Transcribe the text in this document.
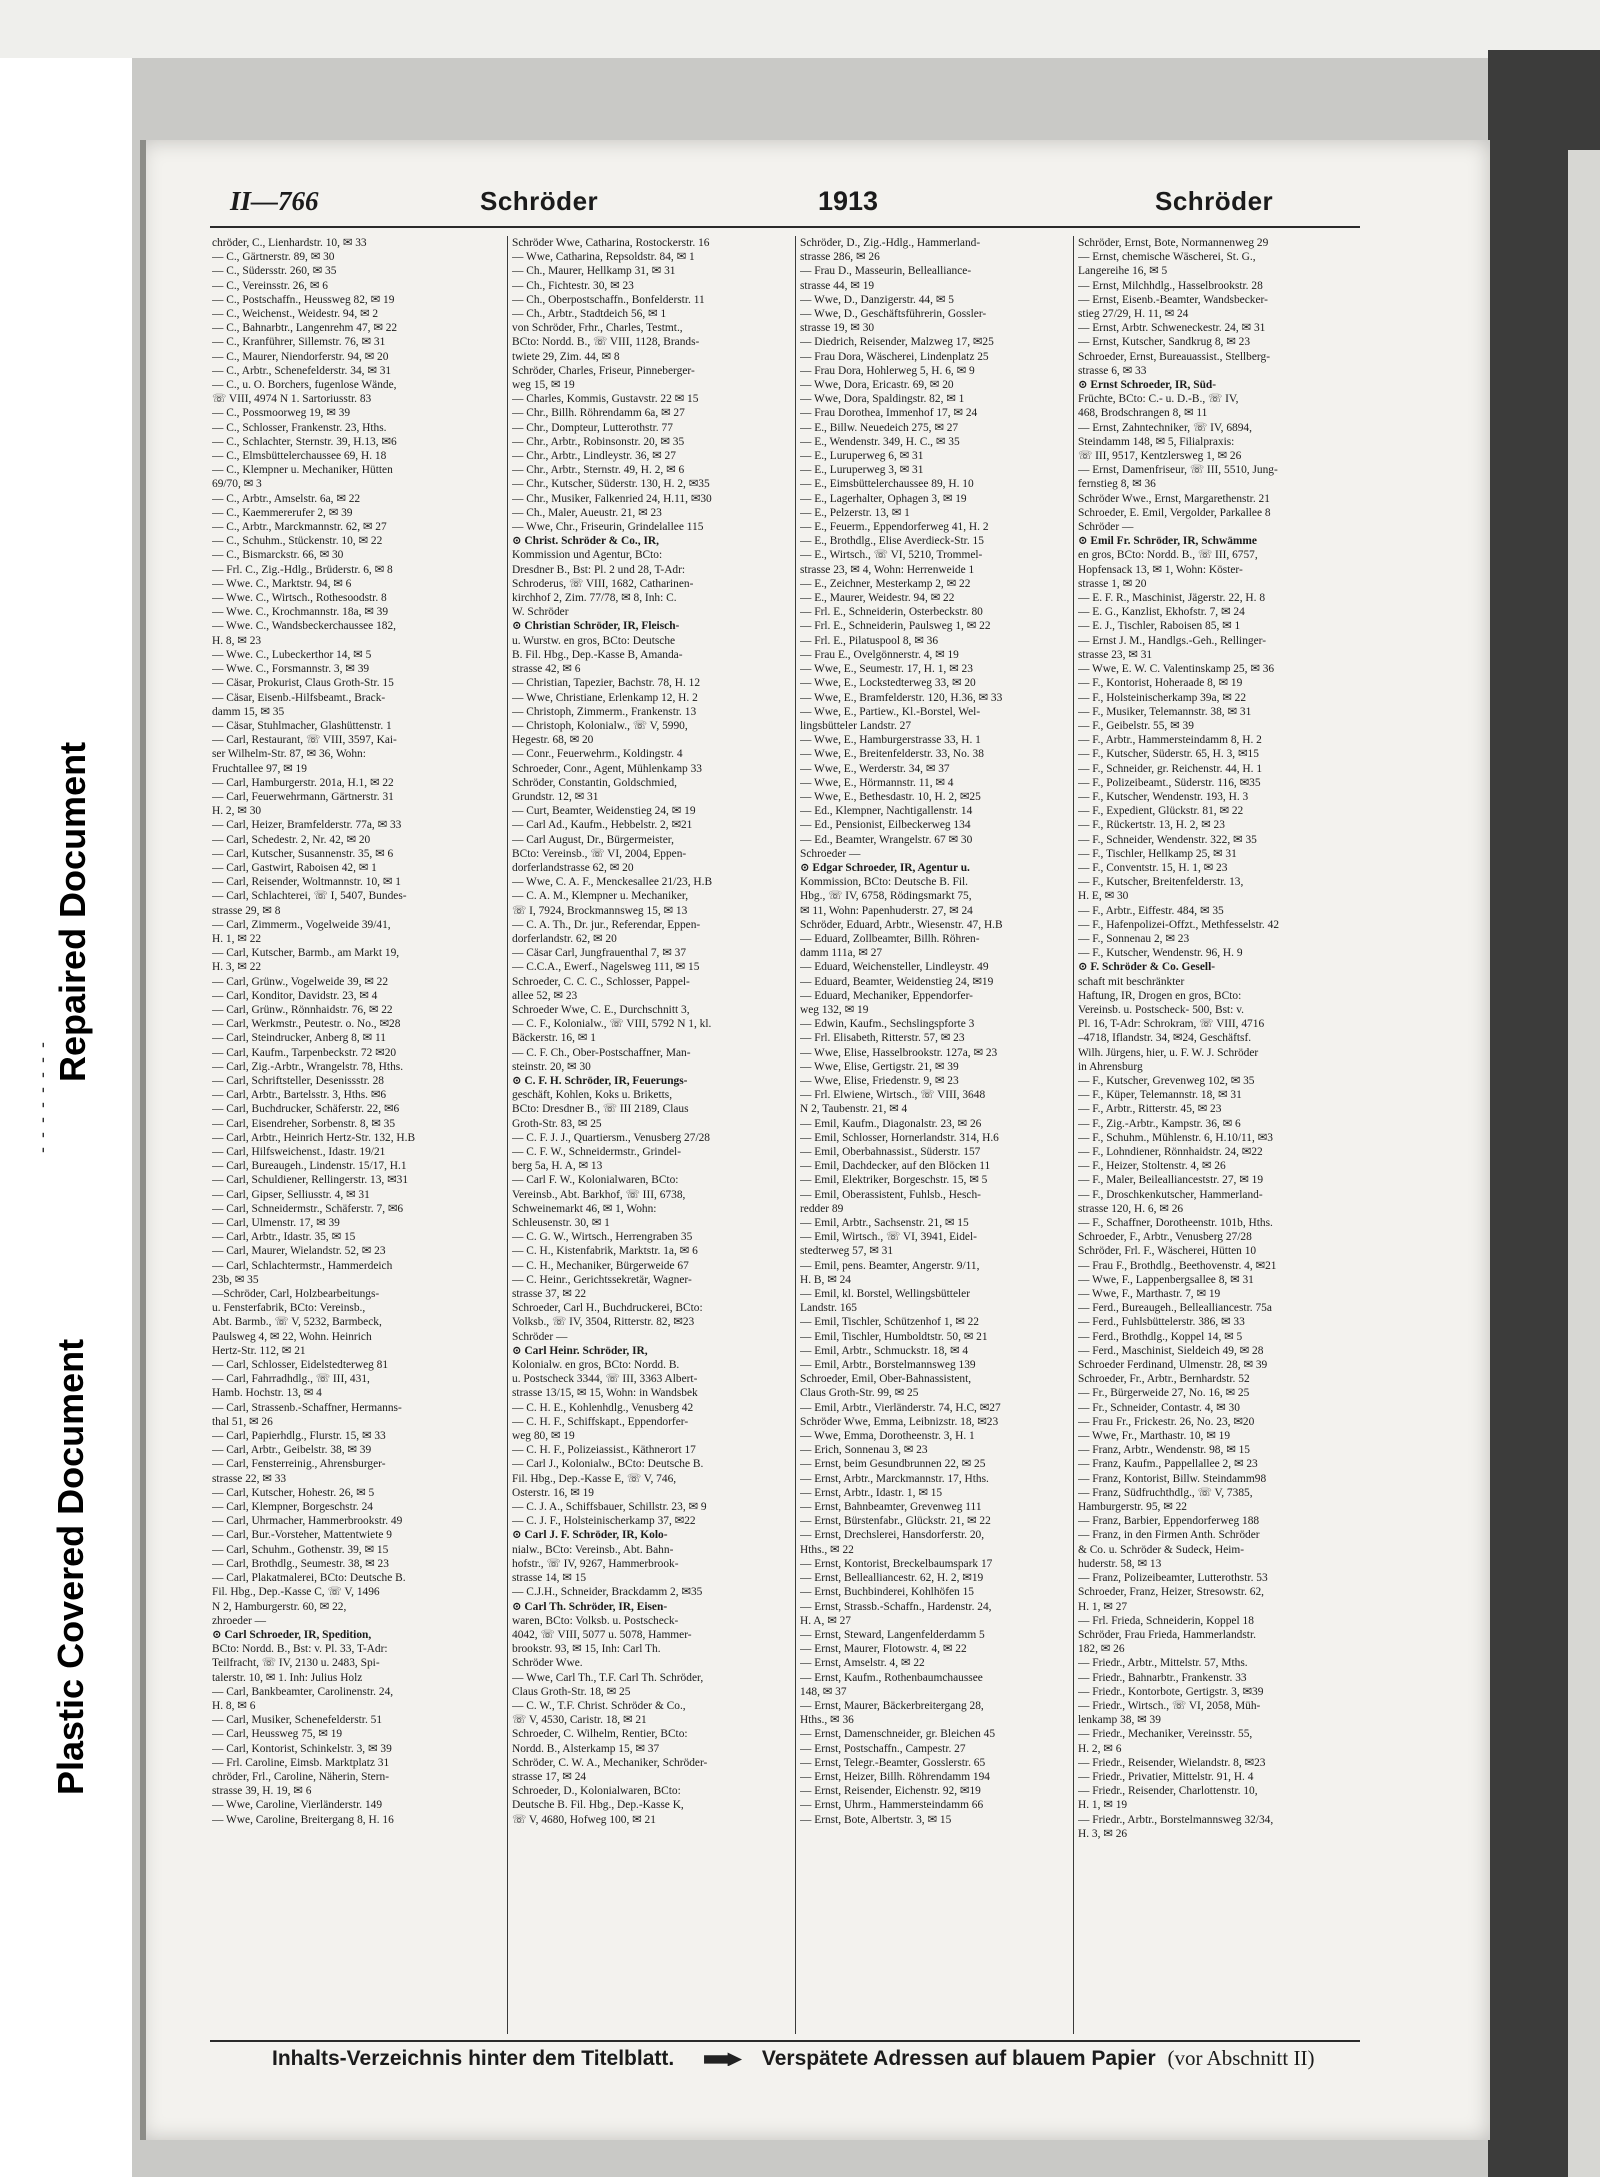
- - - - - - - -
Repaired Document
Plastic Covered Document
II—766	Schröder	1913	Schröder
chröder, C., Lienhardstr. 10, ✉ 33
— C., Gärtnerstr. 89, ✉ 30
— C., Südersstr. 260, ✉ 35
— C., Vereinsstr. 26, ✉ 6
— C., Postschaffn., Heussweg 82, ✉ 19
— C., Weichenst., Weidestr. 94, ✉ 2
— C., Bahnarbtr., Langenrehm 47, ✉ 22
— C., Kranführer, Sillemstr. 76, ✉ 31
— C., Maurer, Niendorferstr. 94, ✉ 20
— C., Arbtr., Schenefelderstr. 34, ✉ 31
— C., u. O. Borchers, fugenlose Wände,
☏ VIII, 4974 N 1. Sartoriusstr. 83
— C., Possmoorweg 19, ✉ 39
— C., Schlosser, Frankenstr. 23, Hths.
— C., Schlachter, Sternstr. 39, H.13, ✉6
— C., Elmsbüttelerchaussee 69, H. 18
— C., Klempner u. Mechaniker, Hütten
69/70, ✉ 3
— C., Arbtr., Amselstr. 6a, ✉ 22
— C., Kaemmererufer 2, ✉ 39
— C., Arbtr., Marckmannstr. 62, ✉ 27
— C., Schuhm., Stückenstr. 10, ✉ 22
— C., Bismarckstr. 66, ✉ 30
— Frl. C., Zig.-Hdlg., Brüderstr. 6, ✉ 8
— Wwe. C., Marktstr. 94, ✉ 6
— Wwe. C., Wirtsch., Rothesoodstr. 8
— Wwe. C., Krochmannstr. 18a, ✉ 39
— Wwe. C., Wandsbeckerchaussee 182,
H. 8, ✉ 23
— Wwe. C., Lubeckerthor 14, ✉ 5
— Wwe. C., Forsmannstr. 3, ✉ 39
— Cäsar, Prokurist, Claus Groth-Str. 15
— Cäsar, Eisenb.-Hilfsbeamt., Brack-
damm 15, ✉ 35
— Cäsar, Stuhlmacher, Glashüttenstr. 1
— Carl, Restaurant, ☏ VIII, 3597, Kai-
ser Wilhelm-Str. 87, ✉ 36, Wohn:
Fruchtallee 97, ✉ 19
— Carl, Hamburgerstr. 201a, H.1, ✉ 22
— Carl, Feuerwehrmann, Gärtnerstr. 31
H. 2, ✉ 30
— Carl, Heizer, Bramfelderstr. 77a, ✉ 33
— Carl, Schedestr. 2, Nr. 42, ✉ 20
— Carl, Kutscher, Susannenstr. 35, ✉ 6
— Carl, Gastwirt, Raboisen 42, ✉ 1
— Carl, Reisender, Woltmannstr. 10, ✉ 1
— Carl, Schlachterei, ☏ I, 5407, Bundes-
strasse 29, ✉ 8
— Carl, Zimmerm., Vogelweide 39/41,
H. 1, ✉ 22
— Carl, Kutscher, Barmb., am Markt 19,
H. 3, ✉ 22
— Carl, Grünw., Vogelweide 39, ✉ 22
— Carl, Konditor, Davidstr. 23, ✉ 4
— Carl, Grünw., Rönnhaidstr. 76, ✉ 22
— Carl, Werkmstr., Peutestr. o. No., ✉28
— Carl, Steindrucker, Anberg 8, ✉ 11
— Carl, Kaufm., Tarpenbeckstr. 72 ✉20
— Carl, Zig.-Arbtr., Wrangelstr. 78, Hths.
— Carl, Schriftsteller, Desenissstr. 28
— Carl, Arbtr., Bartelsstr. 3, Hths. ✉6
— Carl, Buchdrucker, Schäferstr. 22, ✉6
— Carl, Eisendreher, Sorbenstr. 8, ✉ 35
— Carl, Arbtr., Heinrich Hertz-Str. 132, H.B
— Carl, Hilfsweichenst., Idastr. 19/21
— Carl, Bureaugeh., Lindenstr. 15/17, H.1
— Carl, Schuldiener, Rellingerstr. 13, ✉31
— Carl, Gipser, Selliusstr. 4, ✉ 31
— Carl, Schneidermstr., Schäferstr. 7, ✉6
— Carl, Ulmenstr. 17, ✉ 39
— Carl, Arbtr., Idastr. 35, ✉ 15
— Carl, Maurer, Wielandstr. 52, ✉ 23
— Carl, Schlachtermstr., Hammerdeich
23b, ✉ 35
—Schröder, Carl, Holzbearbeitungs-
u. Fensterfabrik, BCto: Vereinsb.,
Abt. Barmb., ☏ V, 5232, Barmbeck,
Paulsweg 4, ✉ 22, Wohn. Heinrich
Hertz-Str. 112, ✉ 21
— Carl, Schlosser, Eidelstedterweg 81
— Carl, Fahrradhdlg., ☏ III, 431,
Hamb. Hochstr. 13, ✉ 4
— Carl, Strassenb.-Schaffner, Hermanns-
thal 51, ✉ 26
— Carl, Papierhdlg., Flurstr. 15, ✉ 33
— Carl, Arbtr., Geibelstr. 38, ✉ 39
— Carl, Fensterreinig., Ahrensburger-
strasse 22, ✉ 33
— Carl, Kutscher, Hohestr. 26, ✉ 5
— Carl, Klempner, Borgeschstr. 24
— Carl, Uhrmacher, Hammerbrookstr. 49
— Carl, Bur.-Vorsteher, Mattentwiete 9
— Carl, Schuhm., Gothenstr. 39, ✉ 15
— Carl, Brothdlg., Seumestr. 38, ✉ 23
— Carl, Plakatmalerei, BCto: Deutsche B.
Fil. Hbg., Dep.-Kasse C, ☏ V, 1496
N 2, Hamburgerstr. 60, ✉ 22,
zhroeder —
⊙ Carl Schroeder, IR, Spedition,
BCto: Nordd. B., Bst: v. Pl. 33, T-Adr:
Teilfracht, ☏ IV, 2130 u. 2483, Spi-
talerstr. 10, ✉ 1. Inh: Julius Holz
— Carl, Bankbeamter, Carolinenstr. 24,
H. 8, ✉ 6
— Carl, Musiker, Schenefelderstr. 51
— Carl, Heussweg 75, ✉ 19
— Carl, Kontorist, Schinkelstr. 3, ✉ 39
— Frl. Caroline, Eimsb. Marktplatz 31
chröder, Frl., Caroline, Näherin, Stern-
strasse 39, H. 19, ✉ 6
— Wwe, Caroline, Vierländerstr. 149
— Wwe, Caroline, Breitergang 8, H. 16
Schröder Wwe, Catharina, Rostockerstr. 16
— Wwe, Catharina, Repsoldstr. 84, ✉ 1
— Ch., Maurer, Hellkamp 31, ✉ 31
— Ch., Fichtestr. 30, ✉ 23
— Ch., Oberpostschaffn., Bonfelderstr. 11
— Ch., Arbtr., Stadtdeich 56, ✉ 1
von Schröder, Frhr., Charles, Testmt.,
BCto: Nordd. B., ☏ VIII, 1128, Brands-
twiete 29, Zim. 44, ✉ 8
Schröder, Charles, Friseur, Pinneberger-
weg 15, ✉ 19
— Charles, Kommis, Gustavstr. 22 ✉ 15
— Chr., Billh. Röhrendamm 6a, ✉ 27
— Chr., Dompteur, Lutterothstr. 77
— Chr., Arbtr., Robinsonstr. 20, ✉ 35
— Chr., Arbtr., Lindleystr. 36, ✉ 27
— Chr., Arbtr., Sternstr. 49, H. 2, ✉ 6
— Chr., Kutscher, Süderstr. 130, H. 2, ✉35
— Chr., Musiker, Falkenried 24, H.11, ✉30
— Ch., Maler, Aueustr. 21, ✉ 23
— Wwe, Chr., Friseurin, Grindelallee 115
⊙ Christ. Schröder & Co., IR,
Kommission und Agentur, BCto:
Dresdner B., Bst: Pl. 2 und 28, T-Adr:
Schroderus, ☏ VIII, 1682, Catharinen-
kirchhof 2, Zim. 77/78, ✉ 8, Inh: C.
W. Schröder
⊙ Christian Schröder, IR, Fleisch-
u. Wurstw. en gros, BCto: Deutsche
B. Fil. Hbg., Dep.-Kasse B, Amanda-
strasse 42, ✉ 6
— Christian, Tapezier, Bachstr. 78, H. 12
— Wwe, Christiane, Erlenkamp 12, H. 2
— Christoph, Zimmerm., Frankenstr. 13
— Christoph, Kolonialw., ☏ V, 5990,
Hegestr. 68, ✉ 20
— Conr., Feuerwehrm., Koldingstr. 4
Schroeder, Conr., Agent, Mühlenkamp 33
Schröder, Constantin, Goldschmied,
Grundstr. 12, ✉ 31
— Curt, Beamter, Weidenstieg 24, ✉ 19
— Carl Ad., Kaufm., Hebbelstr. 2, ✉21
— Carl August, Dr., Bürgermeister,
BCto: Vereinsb., ☏ VI, 2004, Eppen-
dorferlandstrasse 62, ✉ 20
— Wwe, C. A. F., Menckesallee 21/23, H.B
— C. A. M., Klempner u. Mechaniker,
☏ I, 7924, Brockmannsweg 15, ✉ 13
— C. A. Th., Dr. jur., Referendar, Eppen-
dorferlandstr. 62, ✉ 20
— Cäsar Carl, Jungfrauenthal 7, ✉ 37
— C.C.A., Ewerf., Nagelsweg 111, ✉ 15
Schroeder, C. C. C., Schlosser, Pappel-
allee 52, ✉ 23
Schroeder Wwe, C. E., Durchschnitt 3,
— C. F., Kolonialw., ☏ VIII, 5792 N 1, kl.
Bäckerstr. 16, ✉ 1
— C. F. Ch., Ober-Postschaffner, Man-
steinstr. 20, ✉ 30
⊙ C. F. H. Schröder, IR, Feuerungs-
geschäft, Kohlen, Koks u. Briketts,
BCto: Dresdner B., ☏ III 2189, Claus
Groth-Str. 83, ✉ 25
— C. F. J. J., Quartiersm., Venusberg 27/28
— C. F. W., Schneidermstr., Grindel-
berg 5a, H. A, ✉ 13
— Carl F. W., Kolonialwaren, BCto:
Vereinsb., Abt. Barkhof, ☏ III, 6738,
Schweinemarkt 46, ✉ 1, Wohn:
Schleusenstr. 30, ✉ 1
— C. G. W., Wirtsch., Herrengraben 35
— C. H., Kistenfabrik, Marktstr. 1a, ✉ 6
— C. H., Mechaniker, Bürgerweide 67
— C. Heinr., Gerichtssekretär, Wagner-
strasse 37, ✉ 22
Schroeder, Carl H., Buchdruckerei, BCto:
Volksb., ☏ IV, 3504, Ritterstr. 82, ✉23
Schröder —
⊙ Carl Heinr. Schröder, IR,
Kolonialw. en gros, BCto: Nordd. B.
u. Postscheck 3344, ☏ III, 3363 Albert-
strasse 13/15, ✉ 15, Wohn: in Wandsbek
— C. H. E., Kohlenhdlg., Venusberg 42
— C. H. F., Schiffskapt., Eppendorfer-
weg 80, ✉ 19
— C. H. F., Polizeiassist., Käthnerort 17
— Carl J., Kolonialw., BCto: Deutsche B.
Fil. Hbg., Dep.-Kasse E, ☏ V, 746,
Osterstr. 16, ✉ 19
— C. J. A., Schiffsbauer, Schillstr. 23, ✉ 9
— C. J. F., Holsteinischerkamp 37, ✉22
⊙ Carl J. F. Schröder, IR, Kolo-
nialw., BCto: Vereinsb., Abt. Bahn-
hofstr., ☏ IV, 9267, Hammerbrook-
strasse 14, ✉ 15
— C.J.H., Schneider, Brackdamm 2, ✉35
⊙ Carl Th. Schröder, IR, Eisen-
waren, BCto: Volksb. u. Postscheck-
4042, ☏ VIII, 5077 u. 5078, Hammer-
brookstr. 93, ✉ 15, Inh: Carl Th.
Schröder Wwe.
— Wwe, Carl Th., T.F. Carl Th. Schröder,
Claus Groth-Str. 18, ✉ 25
— C. W., T.F. Christ. Schröder & Co.,
☏ V, 4530, Caristr. 18, ✉ 21
Schroeder, C. Wilhelm, Rentier, BCto:
Nordd. B., Alsterkamp 15, ✉ 37
Schröder, C. W. A., Mechaniker, Schröder-
strasse 17, ✉ 24
Schroeder, D., Kolonialwaren, BCto:
Deutsche B. Fil. Hbg., Dep.-Kasse K,
☏ V, 4680, Hofweg 100, ✉ 21
Schröder, D., Zig.-Hdlg., Hammerland-
strasse 286, ✉ 26
— Frau D., Masseurin, Bellealliance-
strasse 44, ✉ 19
— Wwe, D., Danzigerstr. 44, ✉ 5
— Wwe, D., Geschäftsführerin, Gossler-
strasse 19, ✉ 30
— Diedrich, Reisender, Malzweg 17, ✉25
— Frau Dora, Wäscherei, Lindenplatz 25
— Frau Dora, Hohlerweg 5, H. 6, ✉ 9
— Wwe, Dora, Ericastr. 69, ✉ 20
— Wwe, Dora, Spaldingstr. 82, ✉ 1
— Frau Dorothea, Immenhof 17, ✉ 24
— E., Billw. Neuedeich 275, ✉ 27
— E., Wendenstr. 349, H. C., ✉ 35
— E., Luruperweg 6, ✉ 31
— E., Luruperweg 3, ✉ 31
— E., Eimsbüttelerchaussee 89, H. 10
— E., Lagerhalter, Ophagen 3, ✉ 19
— E., Pelzerstr. 13, ✉ 1
— E., Feuerm., Eppendorferweg 41, H. 2
— E., Brothdlg., Elise Averdieck-Str. 15
— E., Wirtsch., ☏ VI, 5210, Trommel-
strasse 23, ✉ 4, Wohn: Herrenweide 1
— E., Zeichner, Mesterkamp 2, ✉ 22
— E., Maurer, Weidestr. 94, ✉ 22
— Frl. E., Schneiderin, Osterbeckstr. 80
— Frl. E., Schneiderin, Paulsweg 1, ✉ 22
— Frl. E., Pilatuspool 8, ✉ 36
— Frau E., Ovelgönnerstr. 4, ✉ 19
— Wwe, E., Seumestr. 17, H. 1, ✉ 23
— Wwe, E., Lockstedterweg 33, ✉ 20
— Wwe, E., Bramfelderstr. 120, H.36, ✉ 33
— Wwe, E., Partiew., Kl.-Borstel, Wel-
lingsbütteler Landstr. 27
— Wwe, E., Hamburgerstrasse 33, H. 1
— Wwe, E., Breitenfelderstr. 33, No. 38
— Wwe, E., Werderstr. 34, ✉ 37
— Wwe, E., Hörmannstr. 11, ✉ 4
— Wwe, E., Bethesdastr. 10, H. 2, ✉25
— Ed., Klempner, Nachtigallenstr. 14
— Ed., Pensionist, Eilbeckerweg 134
— Ed., Beamter, Wrangelstr. 67 ✉ 30
Schroeder —
⊙ Edgar Schroeder, IR, Agentur u.
Kommission, BCto: Deutsche B. Fil.
Hbg., ☏ IV, 6758, Rödingsmarkt 75,
✉ 11, Wohn: Papenhuderstr. 27, ✉ 24
Schröder, Eduard, Arbtr., Wiesenstr. 47, H.B
— Eduard, Zollbeamter, Billh. Röhren-
damm 111a, ✉ 27
— Eduard, Weichensteller, Lindleystr. 49
— Eduard, Beamter, Weidenstieg 24, ✉19
— Eduard, Mechaniker, Eppendorfer-
weg 132, ✉ 19
— Edwin, Kaufm., Sechslingspforte 3
— Frl. Elisabeth, Ritterstr. 57, ✉ 23
— Wwe, Elise, Hasselbrookstr. 127a, ✉ 23
— Wwe, Elise, Gertigstr. 21, ✉ 39
— Wwe, Elise, Friedenstr. 9, ✉ 23
— Frl. Elwiene, Wirtsch., ☏ VIII, 3648
N 2, Taubenstr. 21, ✉ 4
— Emil, Kaufm., Diagonalstr. 23, ✉ 26
— Emil, Schlosser, Hornerlandstr. 314, H.6
— Emil, Oberbahnassist., Süderstr. 157
— Emil, Dachdecker, auf den Blöcken 11
— Emil, Elektriker, Borgeschstr. 15, ✉ 5
— Emil, Oberassistent, Fuhlsb., Hesch-
redder 89
— Emil, Arbtr., Sachsenstr. 21, ✉ 15
— Emil, Wirtsch., ☏ VI, 3941, Eidel-
stedterweg 57, ✉ 31
— Emil, pens. Beamter, Angerstr. 9/11,
H. B, ✉ 24
— Emil, kl. Borstel, Wellingsbütteler
Landstr. 165
— Emil, Tischler, Schützenhof 1, ✉ 22
— Emil, Tischler, Humboldtstr. 50, ✉ 21
— Emil, Arbtr., Schmuckstr. 18, ✉ 4
— Emil, Arbtr., Borstelmannsweg 139
Schroeder, Emil, Ober-Bahnassistent,
Claus Groth-Str. 99, ✉ 25
— Emil, Arbtr., Vierländerstr. 74, H.C, ✉27
Schröder Wwe, Emma, Leibnizstr. 18, ✉23
— Wwe, Emma, Dorotheenstr. 3, H. 1
— Erich, Sonnenau 3, ✉ 23
— Ernst, beim Gesundbrunnen 22, ✉ 25
— Ernst, Arbtr., Marckmannstr. 17, Hths.
— Ernst, Arbtr., Idastr. 1, ✉ 15
— Ernst, Bahnbeamter, Grevenweg 111
— Ernst, Bürstenfabr., Glückstr. 21, ✉ 22
— Ernst, Drechslerei, Hansdorferstr. 20,
Hths., ✉ 22
— Ernst, Kontorist, Breckelbaumspark 17
— Ernst, Bellealliancestr. 62, H. 2, ✉19
— Ernst, Buchbinderei, Kohlhöfen 15
— Ernst, Strassb.-Schaffn., Hardenstr. 24,
H. A, ✉ 27
— Ernst, Steward, Langenfelderdamm 5
— Ernst, Maurer, Flotowstr. 4, ✉ 22
— Ernst, Amselstr. 4, ✉ 22
— Ernst, Kaufm., Rothenbaumchaussee
148, ✉ 37
— Ernst, Maurer, Bäckerbreitergang 28,
Hths., ✉ 36
— Ernst, Damenschneider, gr. Bleichen 45
— Ernst, Postschaffn., Campestr. 27
— Ernst, Telegr.-Beamter, Gosslerstr. 65
— Ernst, Heizer, Billh. Röhrendamm 194
— Ernst, Reisender, Eichenstr. 92, ✉19
— Ernst, Uhrm., Hammersteindamm 66
— Ernst, Bote, Albertstr. 3, ✉ 15
Schröder, Ernst, Bote, Normannenweg 29
— Ernst, chemische Wäscherei, St. G.,
Langereihe 16, ✉ 5
— Ernst, Milchhdlg., Hasselbrookstr. 28
— Ernst, Eisenb.-Beamter, Wandsbecker-
stieg 27/29, H. 11, ✉ 24
— Ernst, Arbtr. Schweneckestr. 24, ✉ 31
— Ernst, Kutscher, Sandkrug 8, ✉ 23
Schroeder, Ernst, Bureauassist., Stellberg-
strasse 6, ✉ 33
⊙ Ernst Schroeder, IR, Süd-
Früchte, BCto: C.- u. D.-B., ☏ IV,
468, Brodschrangen 8, ✉ 11
— Ernst, Zahntechniker, ☏ IV, 6894,
Steindamm 148, ✉ 5, Filialpraxis:
☏ III, 9517, Kentzlersweg 1, ✉ 26
— Ernst, Damenfriseur, ☏ III, 5510, Jung-
fernstieg 8, ✉ 36
Schröder Wwe., Ernst, Margarethenstr. 21
Schroeder, E. Emil, Vergolder, Parkallee 8
Schröder —
⊙ Emil Fr. Schröder, IR, Schwämme
en gros, BCto: Nordd. B., ☏ III, 6757,
Hopfensack 13, ✉ 1, Wohn: Köster-
strasse 1, ✉ 20
— E. F. R., Maschinist, Jägerstr. 22, H. 8
— E. G., Kanzlist, Ekhofstr. 7, ✉ 24
— E. J., Tischler, Raboisen 85, ✉ 1
— Ernst J. M., Handlgs.-Geh., Rellinger-
strasse 23, ✉ 31
— Wwe, E. W. C. Valentinskamp 25, ✉ 36
— F., Kontorist, Hoheraade 8, ✉ 19
— F., Holsteinischerkamp 39a, ✉ 22
— F., Musiker, Telemannstr. 38, ✉ 31
— F., Geibelstr. 55, ✉ 39
— F., Arbtr., Hammersteindamm 8, H. 2
— F., Kutscher, Süderstr. 65, H. 3, ✉15
— F., Schneider, gr. Reichenstr. 44, H. 1
— F., Polizeibeamt., Süderstr. 116, ✉35
— F., Kutscher, Wendenstr. 193, H. 3
— F., Expedient, Glückstr. 81, ✉ 22
— F., Rückertstr. 13, H. 2, ✉ 23
— F., Schneider, Wendenstr. 322, ✉ 35
— F., Tischler, Hellkamp 25, ✉ 31
— F., Conventstr. 15, H. 1, ✉ 23
— F., Kutscher, Breitenfelderstr. 13,
H. E, ✉ 30
— F., Arbtr., Eiffestr. 484, ✉ 35
— F., Hafenpolizei-Offzt., Methfesselstr. 42
— F., Sonnenau 2, ✉ 23
— F., Kutscher, Wendenstr. 96, H. 9
⊙ F. Schröder & Co. Gesell-
schaft mit beschränkter
Haftung, IR, Drogen en gros, BCto:
Vereinsb. u. Postscheck- 500, Bst: v.
Pl. 16, T-Adr: Schrokram, ☏ VIII, 4716
–4718, Iflandstr. 34, ✉24, Geschäftsf.
Wilh. Jürgens, hier, u. F. W. J. Schröder
in Ahrensburg
— F., Kutscher, Grevenweg 102, ✉ 35
— F., Küper, Telemannstr. 18, ✉ 31
— F., Arbtr., Ritterstr. 45, ✉ 23
— F., Zig.-Arbtr., Kampstr. 36, ✉ 6
— F., Schuhm., Mühlenstr. 6, H.10/11, ✉3
— F., Lohndiener, Rönnhaidstr. 24, ✉22
— F., Heizer, Stoltenstr. 4, ✉ 26
— F., Maler, Beileallianceststr. 27, ✉ 19
— F., Droschkenkutscher, Hammerland-
strasse 120, H. 6, ✉ 26
— F., Schaffner, Dorotheenstr. 101b, Hths.
Schroeder, F., Arbtr., Venusberg 27/28
Schröder, Frl. F., Wäscherei, Hütten 10
— Frau F., Brothdlg., Beethovenstr. 4, ✉21
— Wwe, F., Lappenbergsallee 8, ✉ 31
— Wwe, F., Marthastr. 7, ✉ 19
— Ferd., Bureaugeh., Bellealliancestr. 75a
— Ferd., Fuhlsbüttelerstr. 386, ✉ 33
— Ferd., Brothdlg., Koppel 14, ✉ 5
— Ferd., Maschinist, Sieldeich 49, ✉ 28
Schroeder Ferdinand, Ulmenstr. 28, ✉ 39
Schroeder, Fr., Arbtr., Bernhardstr. 52
— Fr., Bürgerweide 27, No. 16, ✉ 25
— Fr., Schneider, Contastr. 4, ✉ 30
— Frau Fr., Frickestr. 26, No. 23, ✉20
— Wwe, Fr., Marthastr. 10, ✉ 19
— Franz, Arbtr., Wendenstr. 98, ✉ 15
— Franz, Kaufm., Pappellallee 2, ✉ 23
— Franz, Kontorist, Billw. Steindamm98
— Franz, Südfruchthdlg., ☏ V, 7385,
Hamburgerstr. 95, ✉ 22
— Franz, Barbier, Eppendorferweg 188
— Franz, in den Firmen Anth. Schröder
& Co. u. Schröder & Sudeck, Heim-
huderstr. 58, ✉ 13
— Franz, Polizeibeamter, Lutterothstr. 53
Schroeder, Franz, Heizer, Stresowstr. 62,
H. 1, ✉ 27
— Frl. Frieda, Schneiderin, Koppel 18
Schröder, Frau Frieda, Hammerlandstr.
182, ✉ 26
— Friedr., Arbtr., Mittelstr. 57, Mths.
— Friedr., Bahnarbtr., Frankenstr. 33
— Friedr., Kontorbote, Gertigstr. 3, ✉39
— Friedr., Wirtsch., ☏ VI, 2058, Müh-
lenkamp 38, ✉ 39
— Friedr., Mechaniker, Vereinsstr. 55,
H. 2, ✉ 6
— Friedr., Reisender, Wielandstr. 8, ✉23
— Friedr., Privatier, Mittelstr. 91, H. 4
— Friedr., Reisender, Charlottenstr. 10,
H. 1, ✉ 19
— Friedr., Arbtr., Borstelmannsweg 32/34,
H. 3, ✉ 26
Inhalts-Verzeichnis hinter dem Titelblatt.	Verspätete Adressen auf blauem Papier (vor Abschnitt II)
